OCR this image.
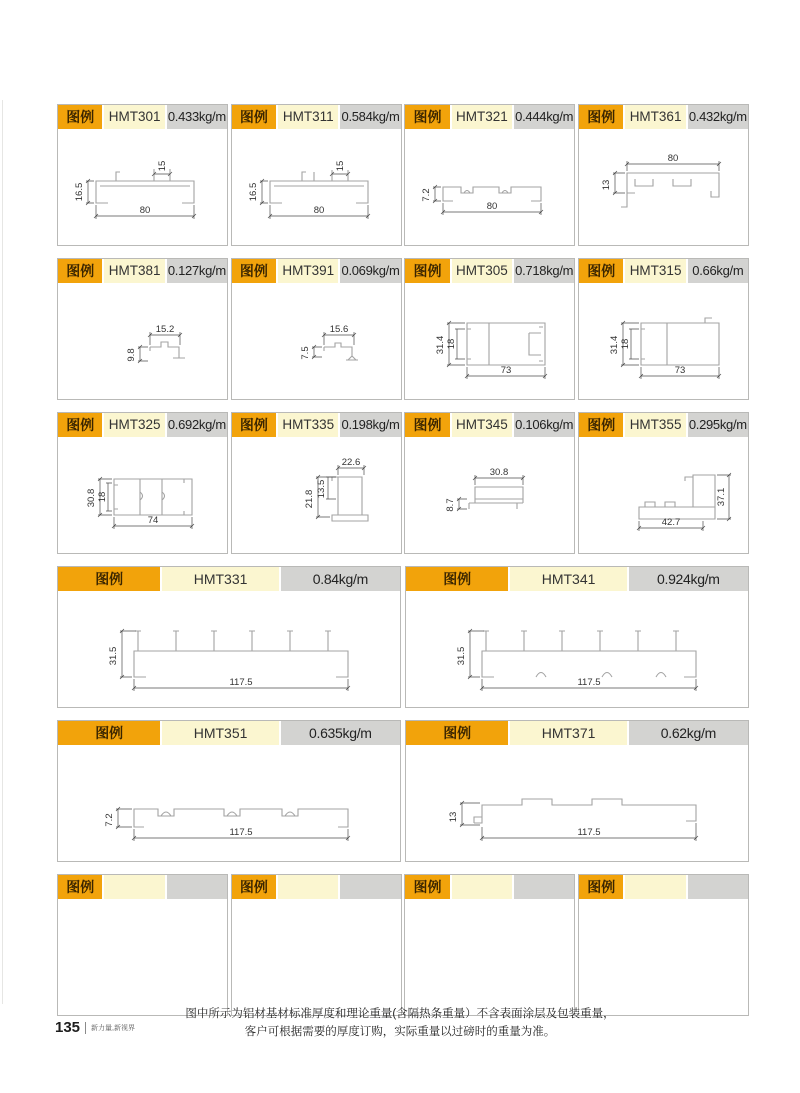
图例	HMT301 0.433kg/m
15
16.5
80
图例	HMT311 0.584kg/m
15
16.5
80
图例	HMT321 0.444kg/m
7.2
80
图例	HMT361 0.432kg/m
80
13
图例	HMT381 0.127kg/m
15.2
9.8
图例	HMT391 0.069kg/m
15.6
7.5
图例	HMT305 0.718kg/m
31.4 18
73
图例	HMT315 0.66kg/m
31.4 18
73
图例	HMT325 0.692kg/m
30.8 18
74
图例	HMT335 0.198kg/m
22.6
13.5
21.8
图例	HMT345 0.106kg/m
30.8
8.7
图例	HMT355 0.295kg/m
37.1
42.7
图例	HMT331	0.84kg/m
31.5
117.5
图例	HMT341	0.924kg/m
31.5
117.5
图例	HMT351	0.635kg/m
7.2
117.5
图例	HMT371	0.62kg/m
13
117.5
图例	图例	图例	图例
图中所示为铝材基材标准厚度和理论重量(含隔热条重量）不含表面涂层及包装重量，
客户可根据需要的厚度订购，实际重量以过磅时的重量为准。
135 新力量,新视界
